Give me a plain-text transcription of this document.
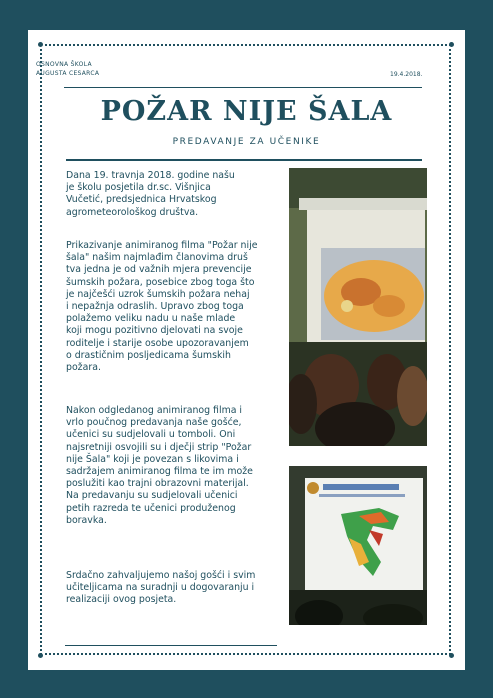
OSNOVNA ŠKOLA
AUGUSTA CESARCA	19.4.2018.
POŽAR NIJE ŠALA
PREDAVANJE ZA UČENIKE
Dana 19. travnja 2018. godine našu
je školu posjetila dr.sc. Višnjica
Vučetić, predsjednica Hrvatskog
agrometeorološkog društva.
Prikazivanje animiranog filma "Požar nije
šala" našim najmlađim članovima druš
tva jedna je od važnih mjera prevencije
šumskih požara, posebice zbog toga što
je najčešći uzrok šumskih požara nehaj
i nepažnja odraslih. Upravo zbog toga
polažemo veliku nadu u naše mlade
koji mogu pozitivno djelovati na svoje
roditelje i starije osobe upozoravanjem
o drastičnim posljedicama šumskih
požara.
Nakon odgledanog animiranog filma i
vrlo poučnog predavanja naše gošće,
učenici su sudjelovali u tomboli. Oni
najsretniji osvojili su i dječji strip "Požar
nije Šala" koji je povezan s likovima i
sadržajem animiranog filma te im može
poslužiti kao trajni obrazovni materijal.
Na predavanju su sudjelovali učenici
petih razreda te učenici produženog
boravka.
Srdačno zahvaljujemo našoj gošći i svim
učiteljicama na suradnji u dogovaranju i
realizaciji ovog posjeta.
